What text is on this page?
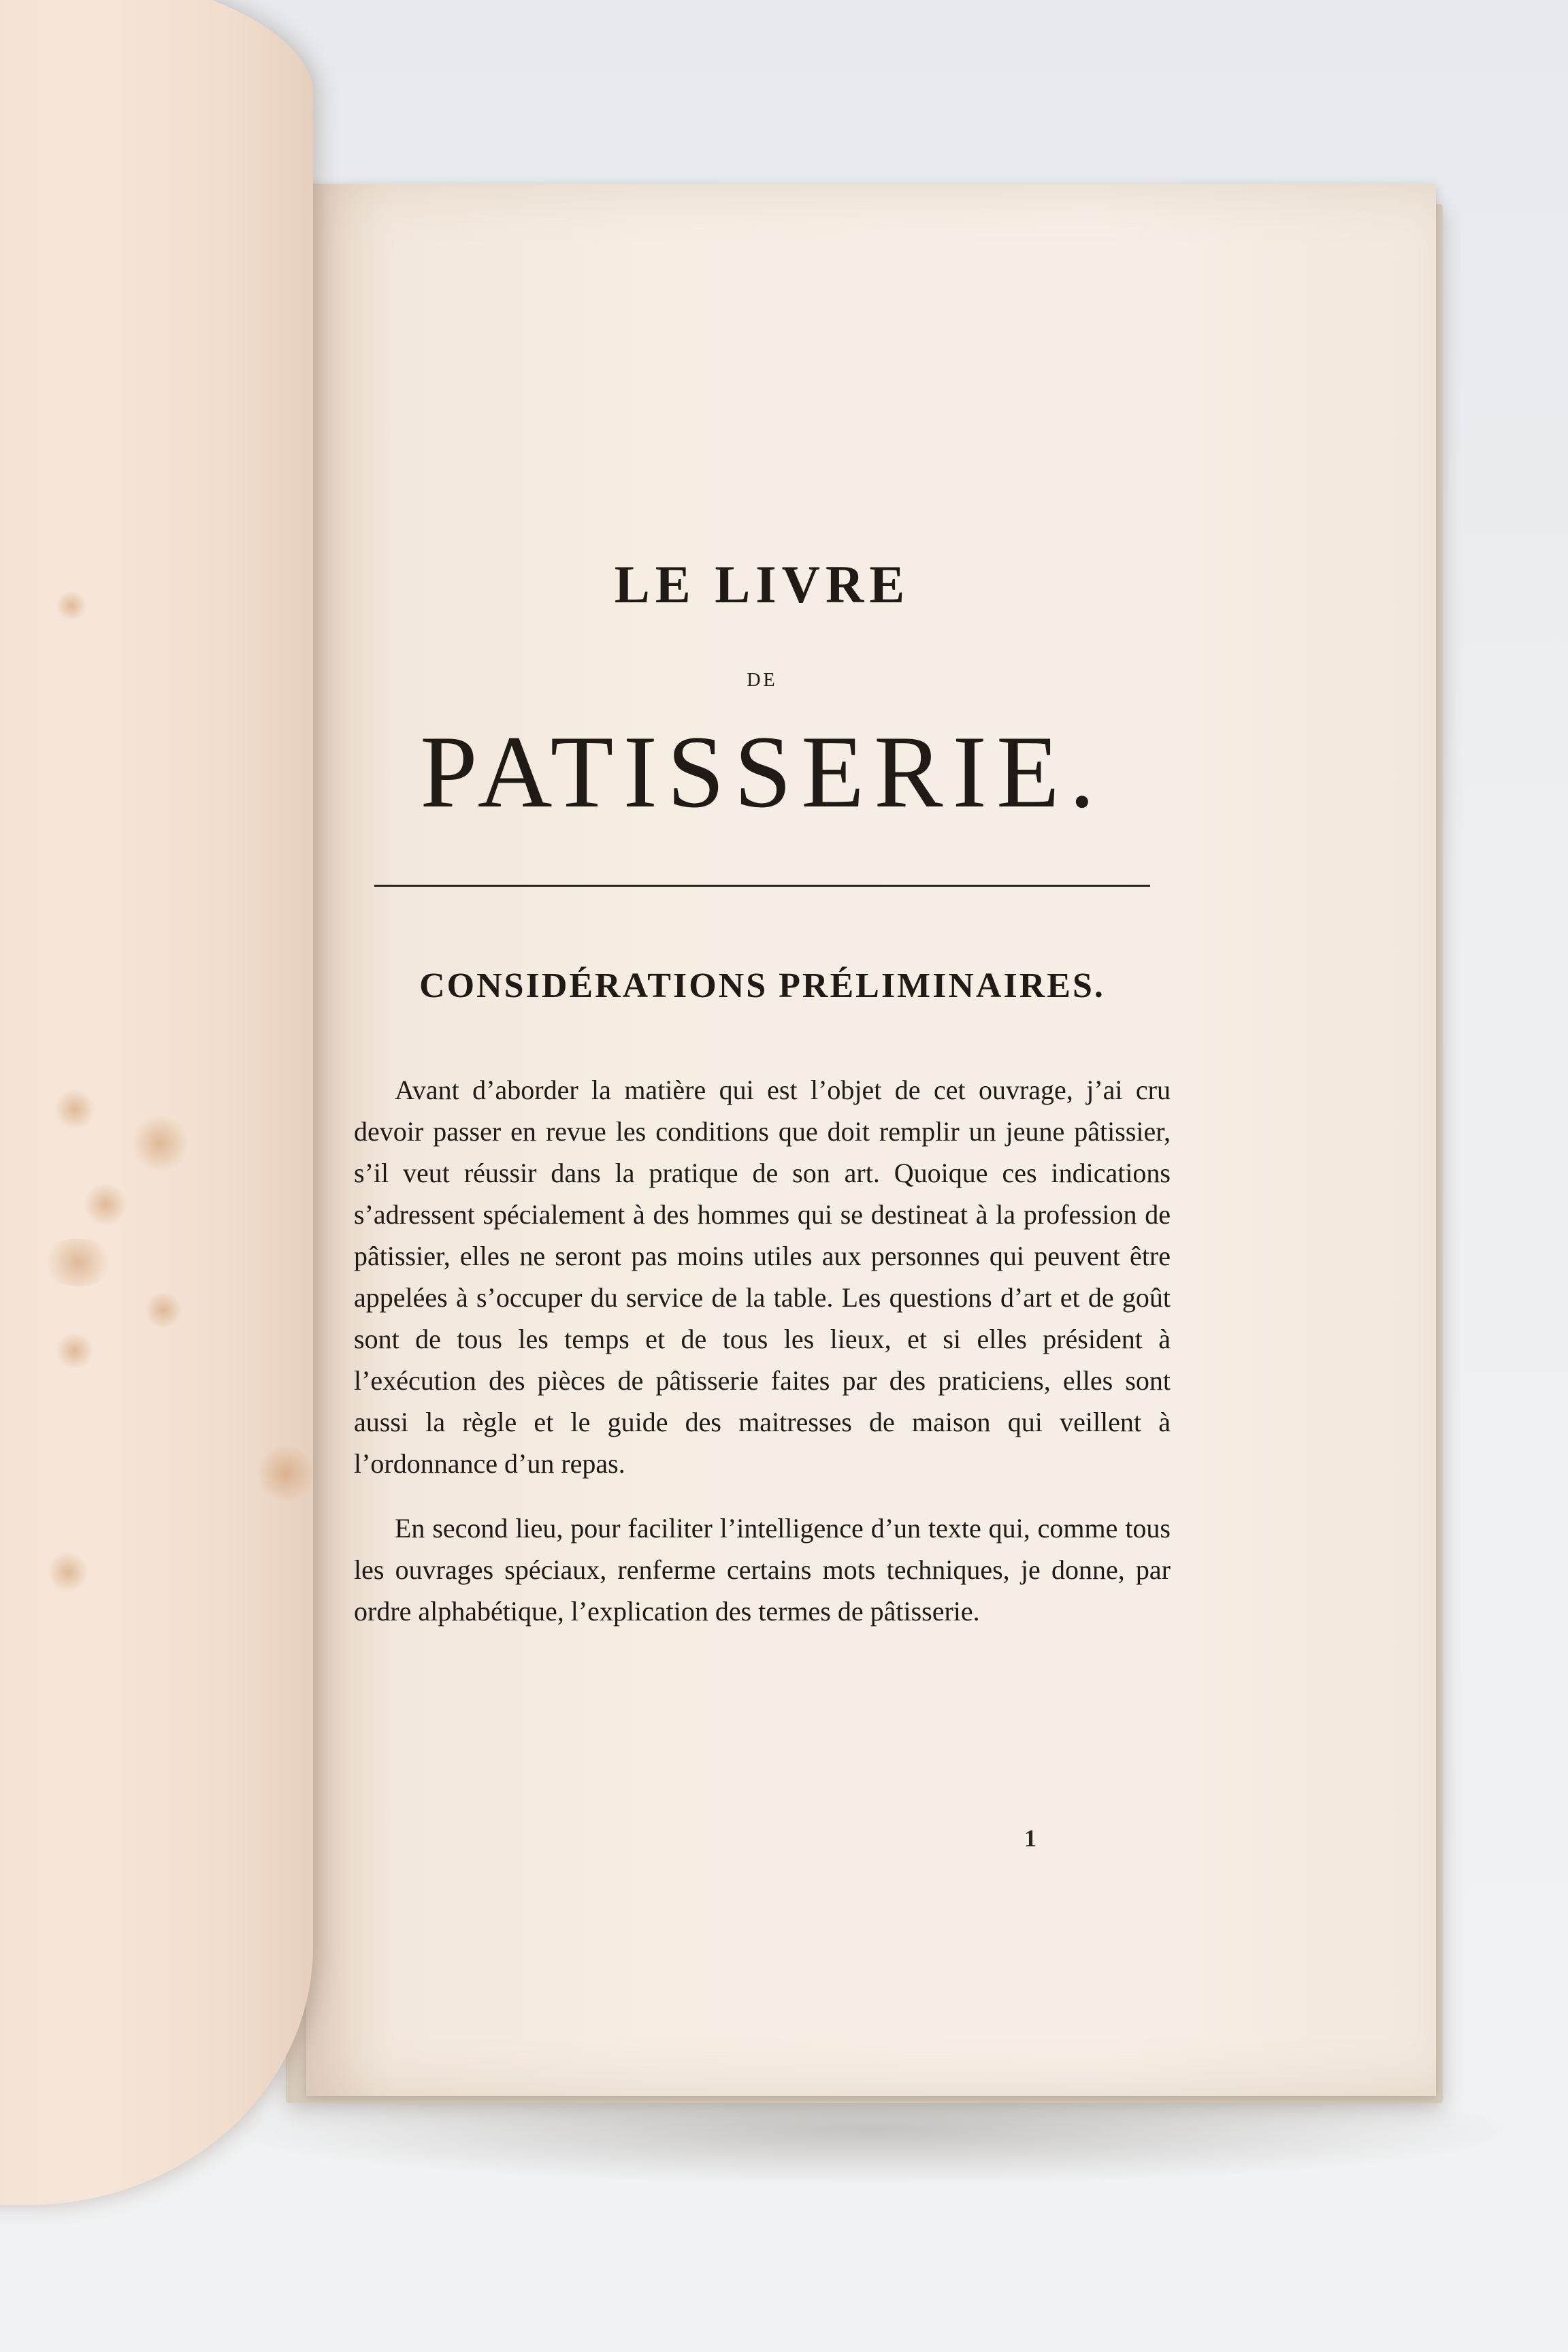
LE LIVRE
DE
PATISSERIE.
CONSIDÉRATIONS PRÉLIMINAIRES.

Avant d’aborder la matière qui est l’objet de cet ouvrage, j’ai cru devoir passer en revue les conditions que doit remplir un jeune pâtissier, s’il veut réussir dans la pratique de son art. Quoique ces indications s’adressent spécialement à des hommes qui se destineat à la profession de pâtissier, elles ne seront pas moins utiles aux personnes qui peuvent être appelées à s’occuper du service de la table. Les questions d’art et de goût sont de tous les temps et de tous les lieux, et si elles président à l’exécution des pièces de pâtisserie faites par des praticiens, elles sont aussi la règle et le guide des maitresses de maison qui veillent à l’ordonnance d’un repas.

En second lieu, pour faciliter l’intelligence d’un texte qui, comme tous les ouvrages spéciaux, renferme certains mots techniques, je donne, par ordre alphabétique, l’explication des termes de pâtisserie.

1
